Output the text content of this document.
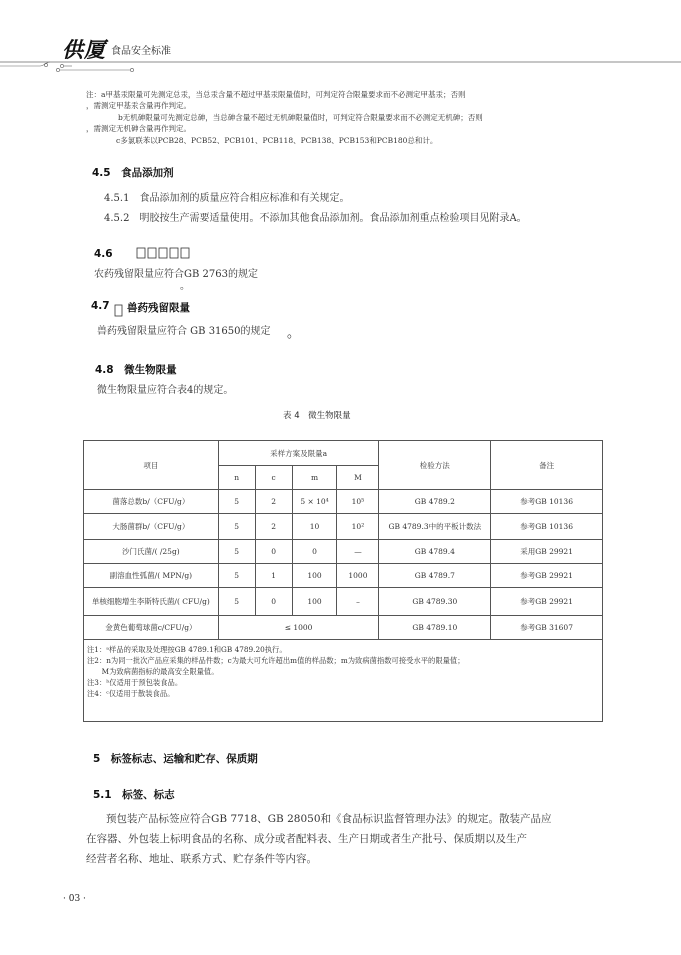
供厦 食品安全标准
注：a甲基汞限量可先测定总汞，当总汞含量不超过甲基汞限量值时，可判定符合限量要求而不必测定甲基汞；否则
，需测定甲基汞含量再作判定。
b无机砷限量可先测定总砷，当总砷含量不超过无机砷限量值时，可判定符合限量要求而不必测定无机砷；否则
，需测定无机砷含量再作判定。
c多氯联苯以PCB28、PCB52、PCB101、PCB118、PCB138、PCB153和PCB180总和计。
4.5　食品添加剂
4.5.1　食品添加剂的质量应符合相应标准和有关规定。
4.5.2　明胶按生产需要适量使用。不添加其他食品添加剂。食品添加剂重点检验项目见附录A。
4.6　　　　　　
农药残留限量应符合GB 2763的规定
。
4.7 兽药残留限量
兽药残留限量应符合 GB 31650的规定 。
4.8　微生物限量
微生物限量应符合表4的规定。
表 4　微生物限量
项目	采样方案及限量a				检验方法	备注
	n	c	m	M		
菌落总数b/（CFU/g）	5	2	5 × 10⁴	10⁵	GB 4789.2	参考GB 10136
大肠菌群b/（CFU/g）	5	2	10	10²	GB 4789.3中的平板计数法	参考GB 10136
沙门氏菌/( /25g)	5	0	0	—	GB 4789.4	采用GB 29921
副溶血性弧菌/( MPN/g)	5	1	100	1000	GB 4789.7	参考GB 29921
单核细胞增生李斯特氏菌/( CFU/g)	5	0	100	–	GB 4789.30	参考GB 29921
金黄色葡萄球菌c/CFU/g）	≤ 1000				GB 4789.10	参考GB 31607

注1：ᵃ样品的采取及处理按GB 4789.1和GB 4789.20执行。
注2：n为同一批次产品应采集的样品件数；c为最大可允许超出m值的样品数；m为致病菌指数可接受水平的限量值；
　　M为致病菌指标的最高安全限量值。
注3：ᵇ仅适用于预包装食品。
注4：ᶜ仅适用于散装食品。						
5　标签标志、运输和贮存、保质期
5.1　标签、标志
预包装产品标签应符合GB 7718、GB 28050和《食品标识监督管理办法》的规定。散装产品应
在容器、外包装上标明食品的名称、成分或者配料表、生产日期或者生产批号、保质期以及生产
经营者名称、地址、联系方式、贮存条件等内容。
· 03 ·
